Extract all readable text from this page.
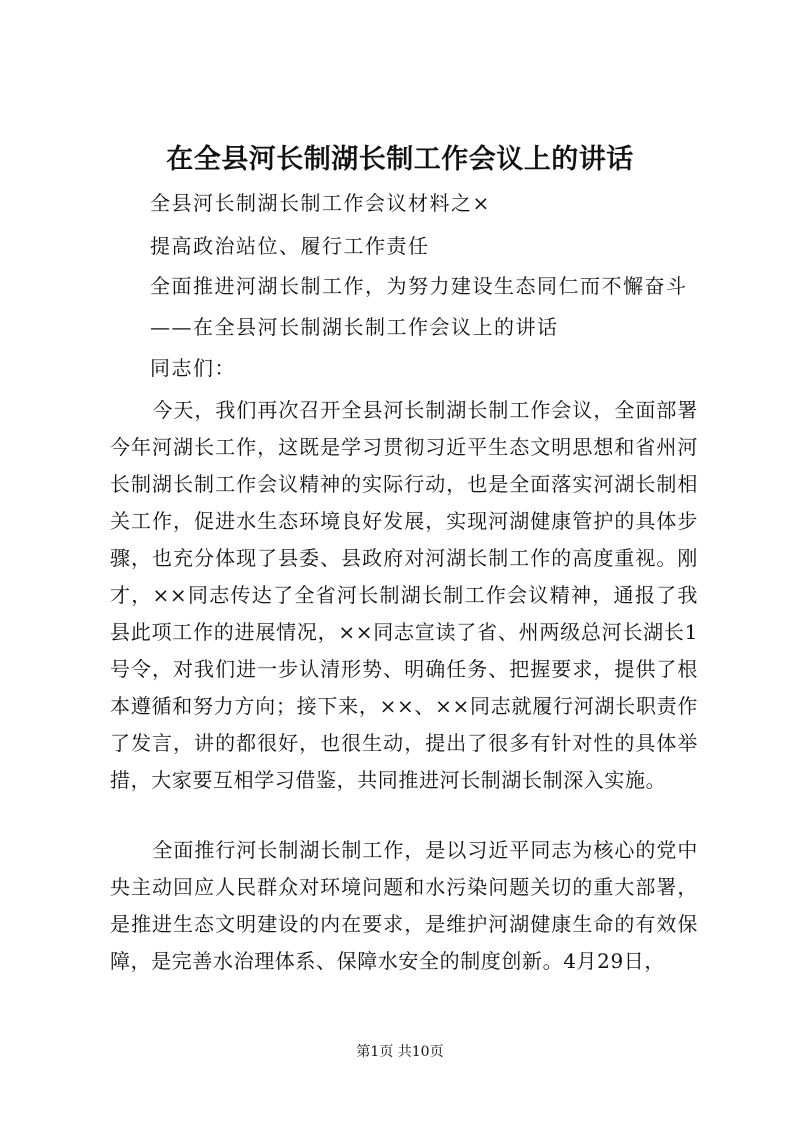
在全县河长制湖长制工作会议上的讲话

全县河长制湖长制工作会议材料之×

提高政治站位、履行工作责任

全面推进河湖长制工作，为努力建设生态同仁而不懈奋斗

——在全县河长制湖长制工作会议上的讲话

同志们：

今天，我们再次召开全县河长制湖长制工作会议，全面部署今年河湖长工作，这既是学习贯彻习近平生态文明思想和省州河长制湖长制工作会议精神的实际行动，也是全面落实河湖长制相关工作，促进水生态环境良好发展，实现河湖健康管护的具体步骤，也充分体现了县委、县政府对河湖长制工作的高度重视。刚才，××同志传达了全省河长制湖长制工作会议精神，通报了我县此项工作的进展情况，××同志宣读了省、州两级总河长湖长1号令，对我们进一步认清形势、明确任务、把握要求，提供了根本遵循和努力方向；接下来，××、××同志就履行河湖长职责作了发言，讲的都很好，也很生动，提出了很多有针对性的具体举措，大家要互相学习借鉴，共同推进河长制湖长制深入实施。

全面推行河长制湖长制工作，是以习近平同志为核心的党中央主动回应人民群众对环境问题和水污染问题关切的重大部署，是推进生态文明建设的内在要求，是维护河湖健康生命的有效保障，是完善水治理体系、保障水安全的制度创新。4月29日，

第1页 共10页
